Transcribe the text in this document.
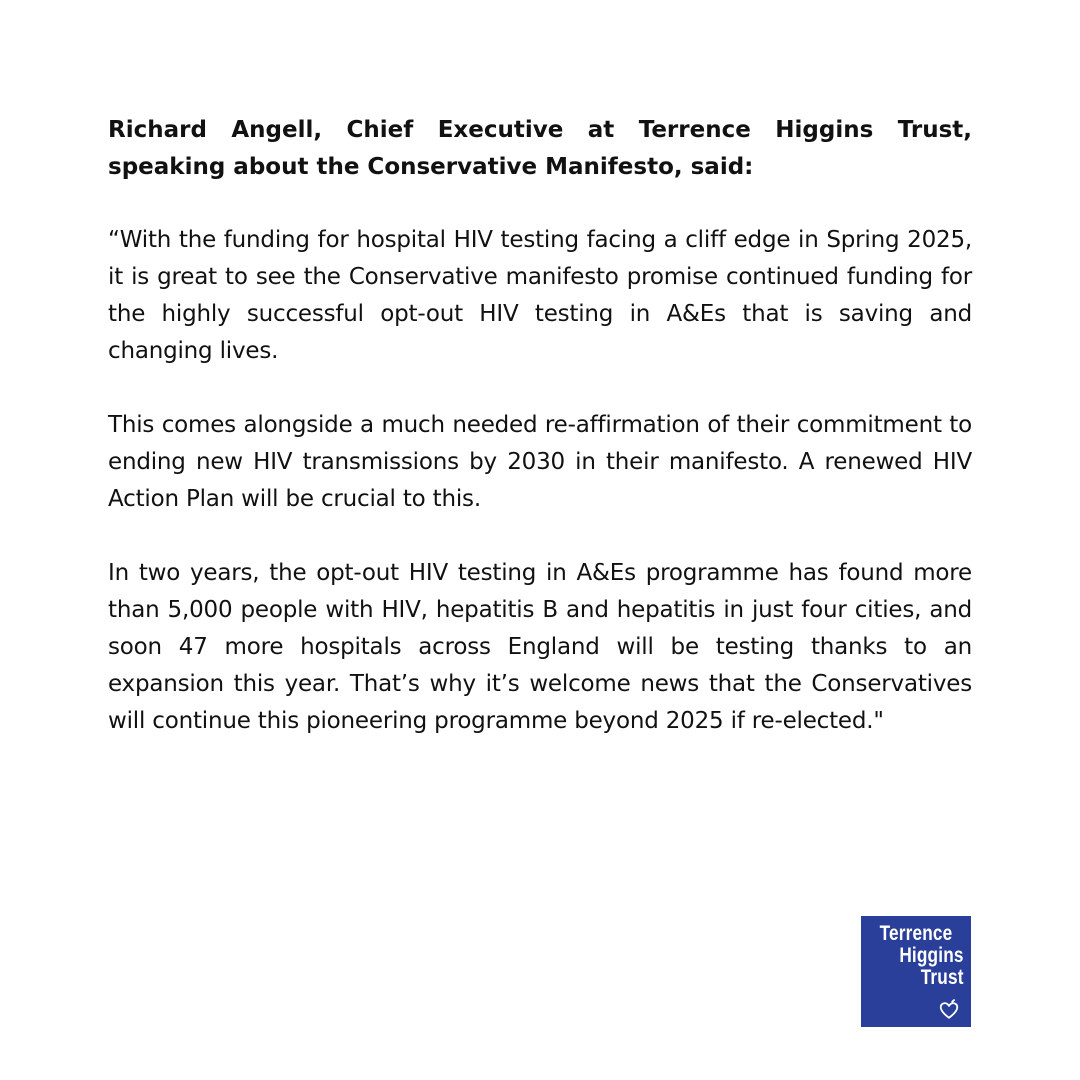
Richard Angell, Chief Executive at Terrence Higgins Trust, speaking about the Conservative Manifesto, said:

“With the funding for hospital HIV testing facing a cliff edge in Spring 2025, it is great to see the Conservative manifesto promise continued funding for the highly successful opt-out HIV testing in A&Es that is saving and changing lives.

This comes alongside a much needed re-affirmation of their commitment to ending new HIV transmissions by 2030 in their manifesto. A renewed HIV Action Plan will be crucial to this.

In two years, the opt-out HIV testing in A&Es programme has found more than 5,000 people with HIV, hepatitis B and hepatitis in just four cities, and soon 47 more hospitals across England will be testing thanks to an expansion this year. That’s why it’s welcome news that the Conservatives will continue this pioneering programme beyond 2025 if re-elected."

Terrence
Higgins
Trust
